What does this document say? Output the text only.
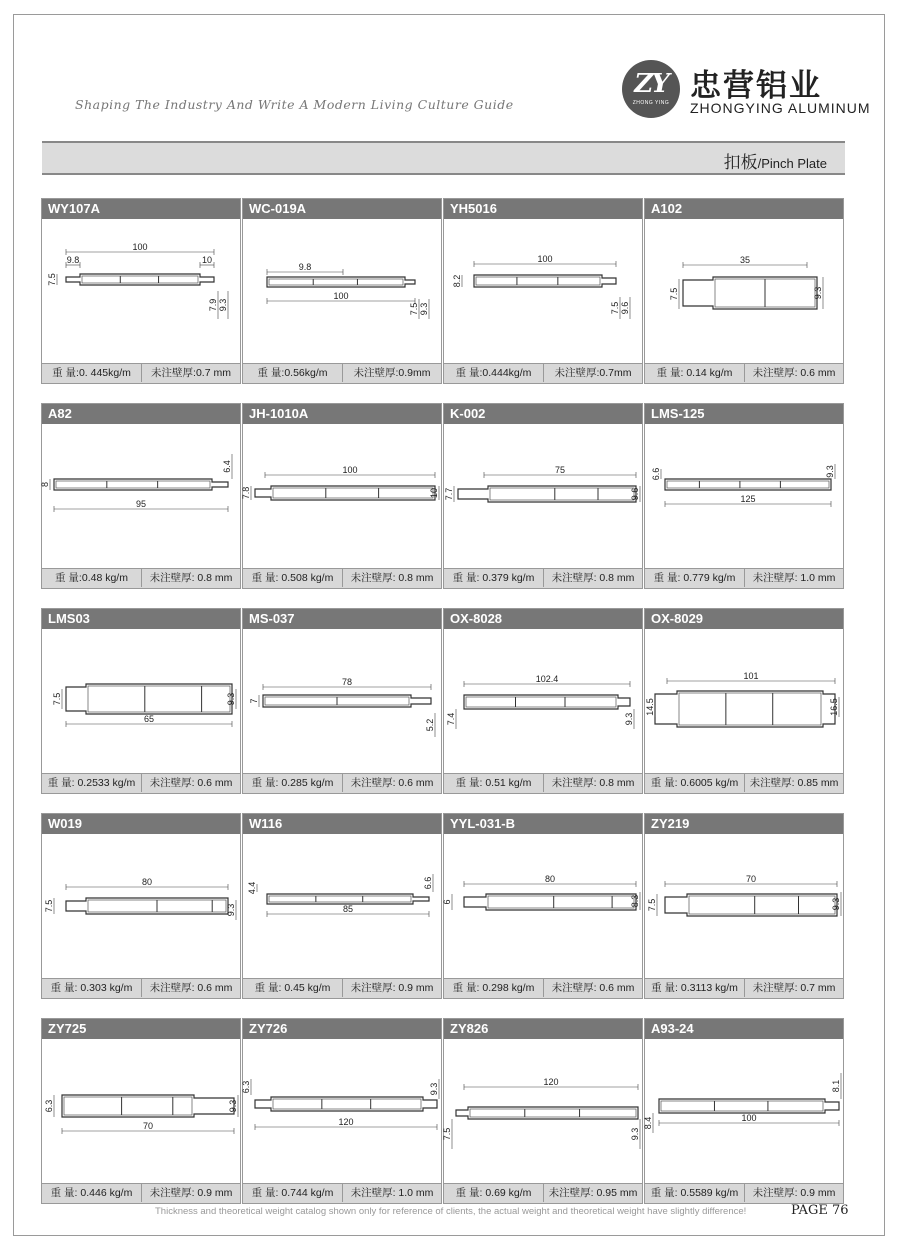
Shaping The Industry And Write A Modern Living Culture Guide
ZY
ZHONG YING 忠营铝业
ZHONGYING ALUMINUM
扣板/Pinch Plate
WY107A
100
9.8	10
7.5
7.9 9.3
重 量:0. 445kg/m	未注壁厚:0.7 mm
WC-019A
9.8
100
7.5 9.3
重 量:0.56kg/m	未注壁厚:0.9mm
YH5016
100
8.2
7.5 9.6
重 量:0.444kg/m	未注壁厚:0.7mm
A102
35
7.5	9.3
重 量: 0.14 kg/m	未注壁厚: 0.6 mm
A82
95
6.4
8
重 量:0.48 kg/m	未注壁厚: 0.8 mm
JH-1010A
100
7.8	10
重 量: 0.508 kg/m	未注壁厚: 0.8 mm
K-002
75
7.7	9.6
重 量: 0.379 kg/m	未注壁厚: 0.8 mm
LMS-125
125
6.6	9.3
重 量: 0.779 kg/m	未注壁厚: 1.0 mm
LMS03
65
7.5	9.3
重 量: 0.2533 kg/m	未注壁厚: 0.6 mm
MS-037
78
7
5.2
重 量: 0.285 kg/m	未注壁厚: 0.6 mm
OX-8028
102.4
7.4	9.3
重 量: 0.51 kg/m	未注壁厚: 0.8 mm
OX-8029
101
14.5	16.5
重 量: 0.6005 kg/m	未注壁厚: 0.85 mm
W019
80
7.5	9.3
重 量: 0.303 kg/m	未注壁厚: 0.6 mm
W116
85
4.4	6.6
重 量: 0.45 kg/m	未注壁厚: 0.9 mm
YYL-031-B
80
6	8.3
重 量: 0.298 kg/m	未注壁厚: 0.6 mm
ZY219
70
7.5	9.3
重 量: 0.3113 kg/m	未注壁厚: 0.7 mm
ZY725
70
6.3	9.3
重 量: 0.446 kg/m	未注壁厚: 0.9 mm
ZY726
120
6.3	9.3
重 量: 0.744 kg/m	未注壁厚: 1.0 mm
ZY826
120
7.5	9.3
重 量: 0.69 kg/m	未注壁厚: 0.95 mm
A93-24
100
8.4
8.1
重 量: 0.5589 kg/m	未注壁厚: 0.9 mm
Thickness and theoretical weight catalog shown only for reference of clients, the actual weight and theoretical weight have slightly difference!	PAGE 76
